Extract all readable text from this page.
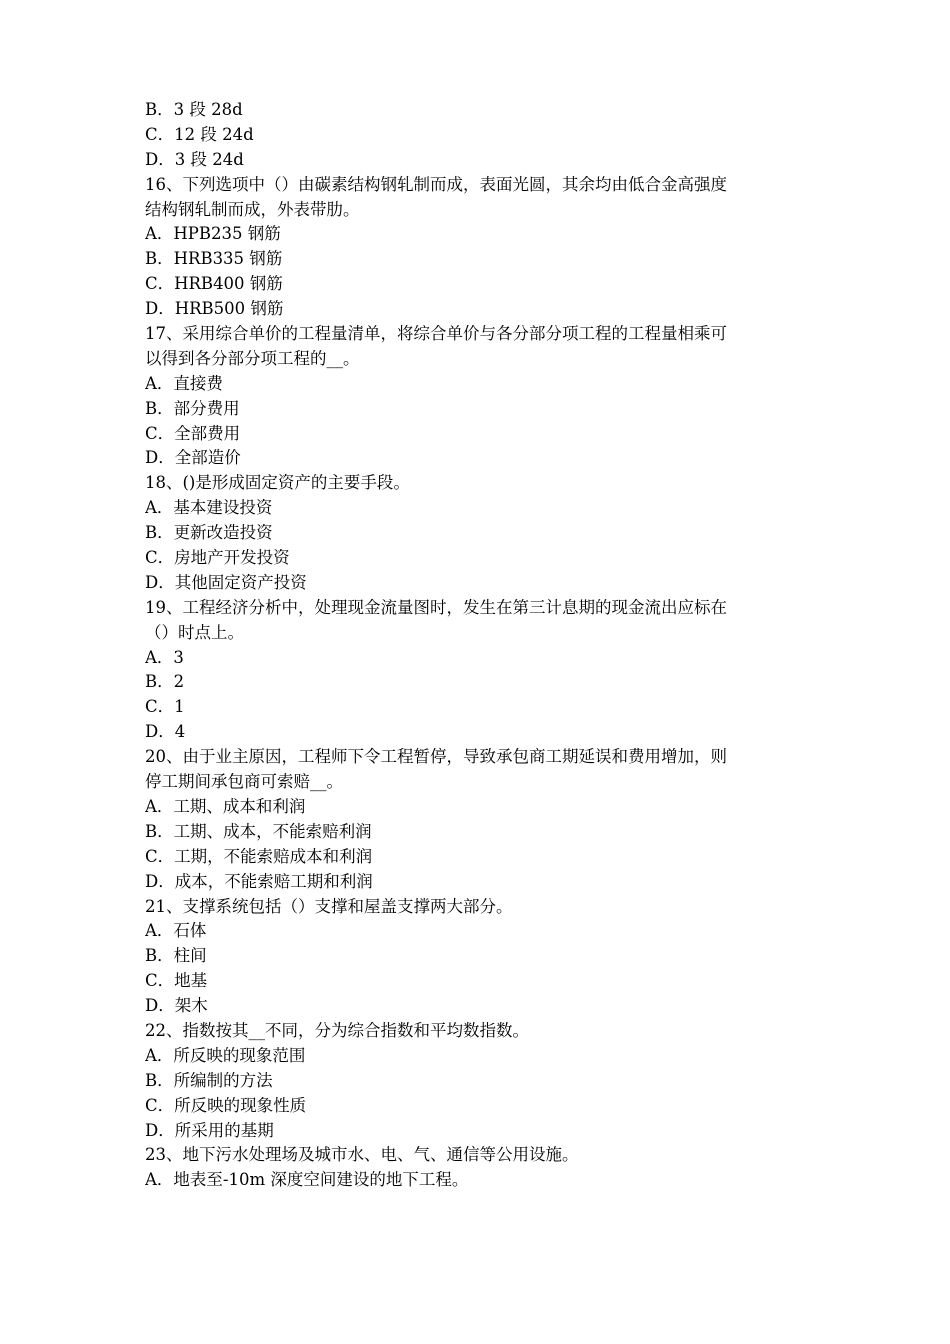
B．3 段 28d
C．12 段 24d
D．3 段 24d
16、下列选项中（）由碳素结构钢轧制而成，表面光圆，其余均由低合金高强度
结构钢轧制而成，外表带肋。
A．HPB235 钢筋
B．HRB335 钢筋
C．HRB400 钢筋
D．HRB500 钢筋
17、采用综合单价的工程量清单，将综合单价与各分部分项工程的工程量相乘可
以得到各分部分项工程的__。
A．直接费
B．部分费用
C．全部费用
D．全部造价
18、()是形成固定资产的主要手段。
A．基本建设投资
B．更新改造投资
C．房地产开发投资
D．其他固定资产投资
19、工程经济分析中，处理现金流量图时，发生在第三计息期的现金流出应标在
（）时点上。
A．3
B．2
C．1
D．4
20、由于业主原因，工程师下令工程暂停，导致承包商工期延误和费用增加，则
停工期间承包商可索赔__。
A．工期、成本和利润
B．工期、成本，不能索赔利润
C．工期，不能索赔成本和利润
D．成本，不能索赔工期和利润
21、支撑系统包括（）支撑和屋盖支撑两大部分。
A．石体
B．柱间
C．地基
D．架木
22、指数按其__不同，分为综合指数和平均数指数。
A．所反映的现象范围
B．所编制的方法
C．所反映的现象性质
D．所采用的基期
23、地下污水处理场及城市水、电、气、通信等公用设施。
A．地表至-10m 深度空间建设的地下工程。
